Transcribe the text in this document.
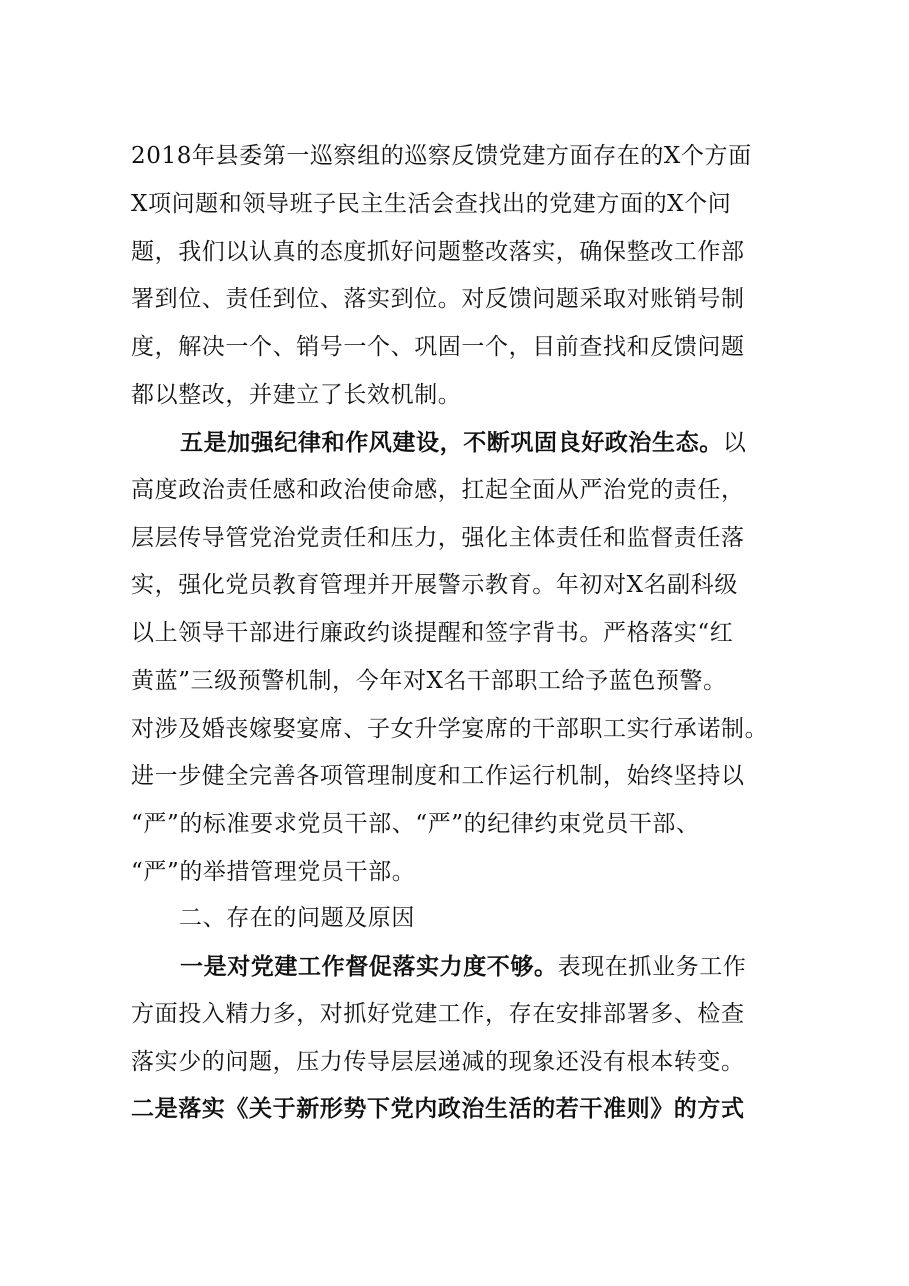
2018年县委第一巡察组的巡察反馈党建方面存在的X个方面
X项问题和领导班子民主生活会查找出的党建方面的X个问
题，我们以认真的态度抓好问题整改落实，确保整改工作部
署到位、责任到位、落实到位。对反馈问题采取对账销号制
度，解决一个、销号一个、巩固一个，目前查找和反馈问题
都以整改，并建立了长效机制。
五是加强纪律和作风建设，不断巩固良好政治生态。以
高度政治责任感和政治使命感，扛起全面从严治党的责任，
层层传导管党治党责任和压力，强化主体责任和监督责任落
实，强化党员教育管理并开展警示教育。年初对X名副科级
以上领导干部进行廉政约谈提醒和签字背书。严格落实“红
黄蓝”三级预警机制，今年对X名干部职工给予蓝色预警。
对涉及婚丧嫁娶宴席、子女升学宴席的干部职工实行承诺制。
进一步健全完善各项管理制度和工作运行机制，始终坚持以
“严”的标准要求党员干部、“严”的纪律约束党员干部、
“严”的举措管理党员干部。
二、存在的问题及原因
一是对党建工作督促落实力度不够。表现在抓业务工作
方面投入精力多，对抓好党建工作，存在安排部署多、检查
落实少的问题，压力传导层层递减的现象还没有根本转变。
二是落实《关于新形势下党内政治生活的若干准则》的方式
